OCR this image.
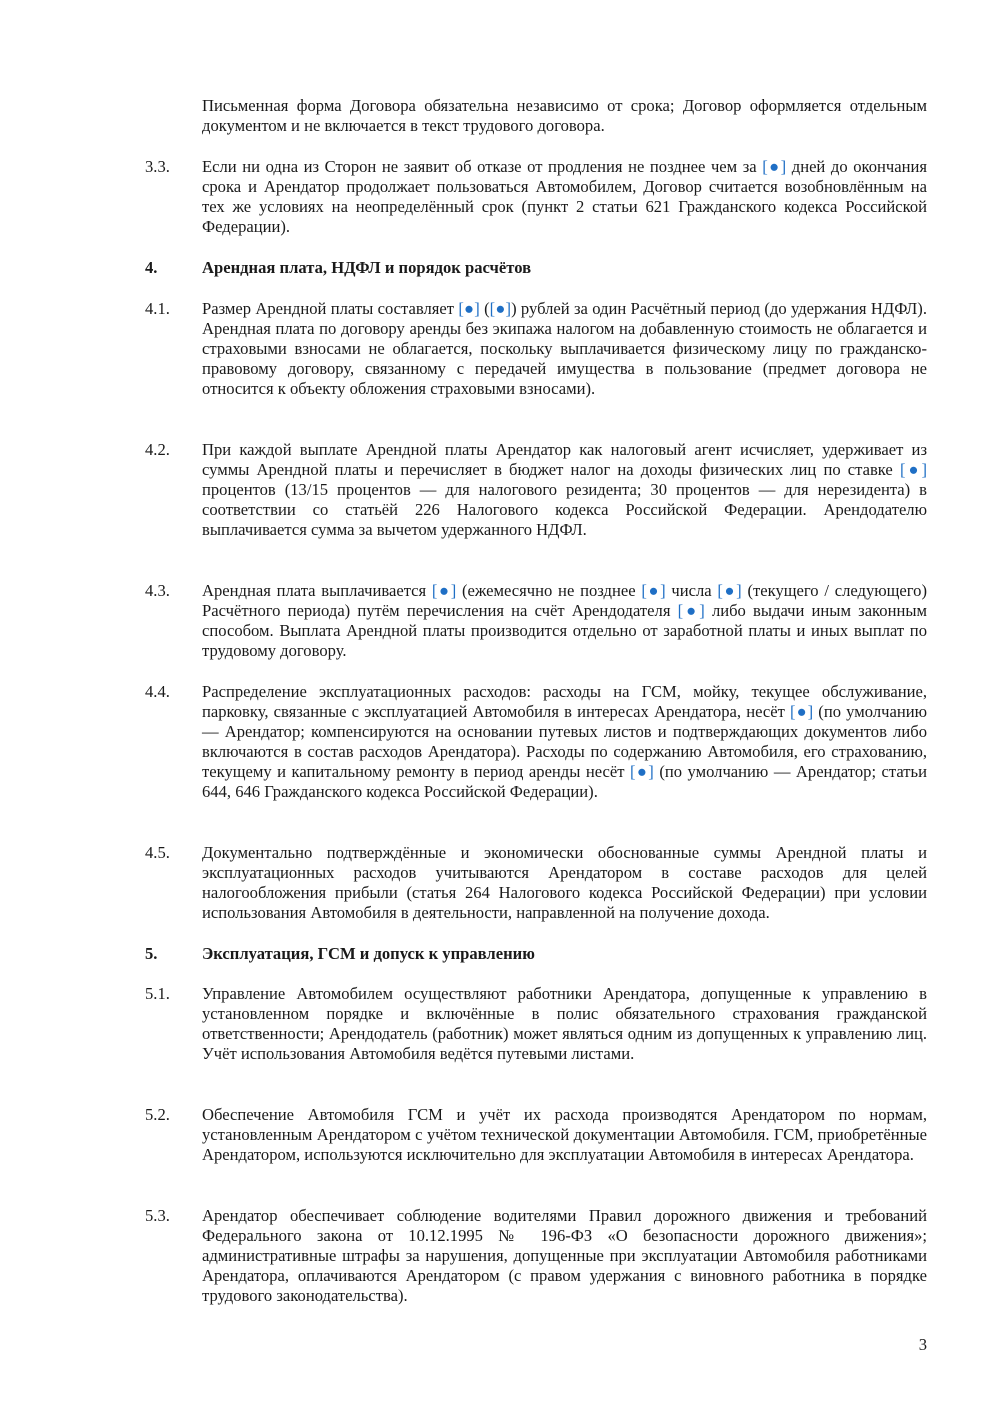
Письменная форма Договора обязательна независимо от срока; Договор оформляется отдельным документом и не включается в текст трудового договора.
3.3.	Если ни одна из Сторон не заявит об отказе от продления не позднее чем за [●] дней до окончания срока и Арендатор продолжает пользоваться Автомобилем, Договор считается возобновлённым на тех же условиях на неопределённый срок (пункт 2 статьи 621 Гражданского кодекса Российской Федерации).
4.	Арендная плата, НДФЛ и порядок расчётов
4.1.	Размер Арендной платы составляет [●] ([●]) рублей за один Расчётный период (до удержания НДФЛ). Арендная плата по договору аренды без экипажа налогом на добавленную стоимость не облагается и страховыми взносами не облагается, поскольку выплачивается физическому лицу по гражданско-правовому договору, связанному с передачей имущества в пользование (предмет договора не относится к объекту обложения страховыми взносами).
4.2.	При каждой выплате Арендной платы Арендатор как налоговый агент исчисляет, удерживает из суммы Арендной платы и перечисляет в бюджет налог на доходы физических лиц по ставке [●] процентов (13/15 процентов — для налогового резидента; 30 процентов — для нерезидента) в соответствии со статьёй 226 Налогового кодекса Российской Федерации. Арендодателю выплачивается сумма за вычетом удержанного НДФЛ.
4.3.	Арендная плата выплачивается [●] (ежемесячно не позднее [●] числа [●] (текущего / следующего) Расчётного периода) путём перечисления на счёт Арендодателя [●] либо выдачи иным законным способом. Выплата Арендной платы производится отдельно от заработной платы и иных выплат по трудовому договору.
4.4.	Распределение эксплуатационных расходов: расходы на ГСМ, мойку, текущее обслуживание, парковку, связанные с эксплуатацией Автомобиля в интересах Арендатора, несёт [●] (по умолчанию — Арендатор; компенсируются на основании путевых листов и подтверждающих документов либо включаются в состав расходов Арендатора). Расходы по содержанию Автомобиля, его страхованию, текущему и капитальному ремонту в период аренды несёт [●] (по умолчанию — Арендатор; статьи 644, 646 Гражданского кодекса Российской Федерации).
4.5.	Документально подтверждённые и экономически обоснованные суммы Арендной платы и эксплуатационных расходов учитываются Арендатором в составе расходов для целей налогообложения прибыли (статья 264 Налогового кодекса Российской Федерации) при условии использования Автомобиля в деятельности, направленной на получение дохода.
5.	Эксплуатация, ГСМ и допуск к управлению
5.1.	Управление Автомобилем осуществляют работники Арендатора, допущенные к управлению в установленном порядке и включённые в полис обязательного страхования гражданской ответственности; Арендодатель (работник) может являться одним из допущенных к управлению лиц. Учёт использования Автомобиля ведётся путевыми листами.
5.2.	Обеспечение Автомобиля ГСМ и учёт их расхода производятся Арендатором по нормам, установленным Арендатором с учётом технической документации Автомобиля. ГСМ, приобретённые Арендатором, используются исключительно для эксплуатации Автомобиля в интересах Арендатора.
5.3.	Арендатор обеспечивает соблюдение водителями Правил дорожного движения и требований Федерального закона от 10.12.1995 № 196-ФЗ «О безопасности дорожного движения»; административные штрафы за нарушения, допущенные при эксплуатации Автомобиля работниками Арендатора, оплачиваются Арендатором (с правом удержания с виновного работника в порядке трудового законодательства).
3
